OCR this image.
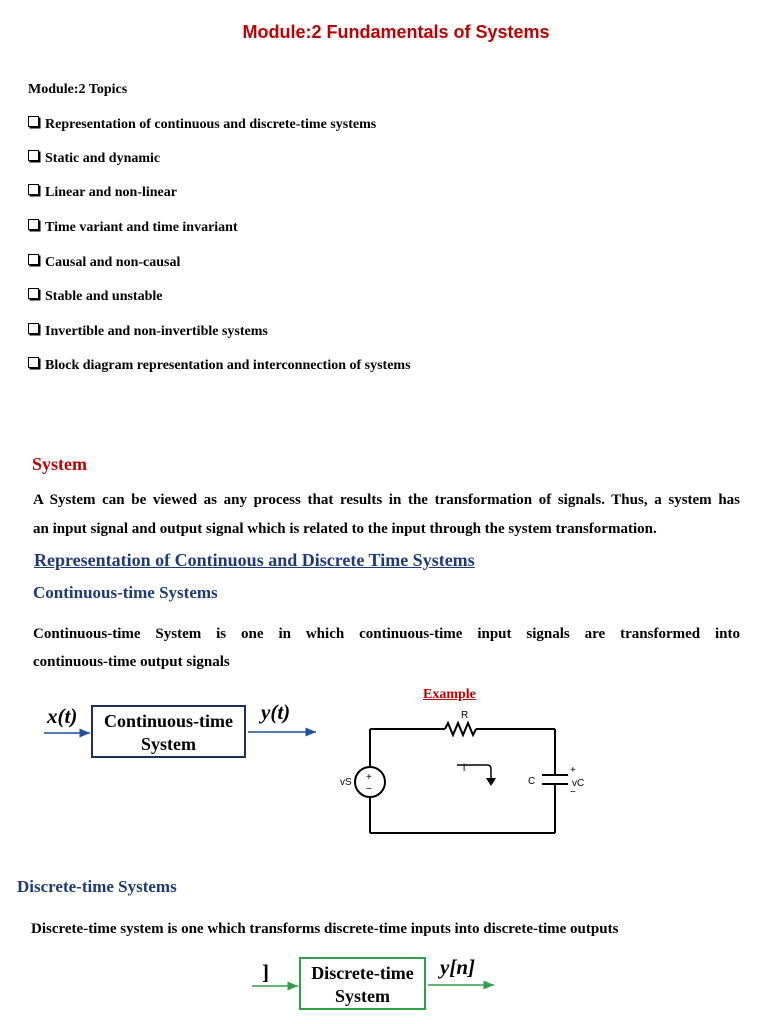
Module:2 Fundamentals of Systems
Module:2 Topics
Representation of continuous and discrete-time systems
Static and dynamic
Linear and non-linear
Time variant and time invariant
Causal and non-causal
Stable and unstable
Invertible and non-invertible systems
Block diagram representation and interconnection of systems
System
A System can be viewed as any process that results in the transformation of signals. Thus, a system has
an input signal and output signal which is related to the input through the system transformation.
Representation of Continuous and Discrete Time Systems
Continuous-time Systems
Continuous-time System is one in which continuous-time input signals are transformed into
continuous-time output signals
x(t)	Continuous-time
System
y(t)
Example
R
i
C
vS +
−
+
vC
−
Discrete-time Systems
Discrete-time system is one which transforms discrete-time inputs into discrete-time outputs
]	Discrete-time
System
y[n]
